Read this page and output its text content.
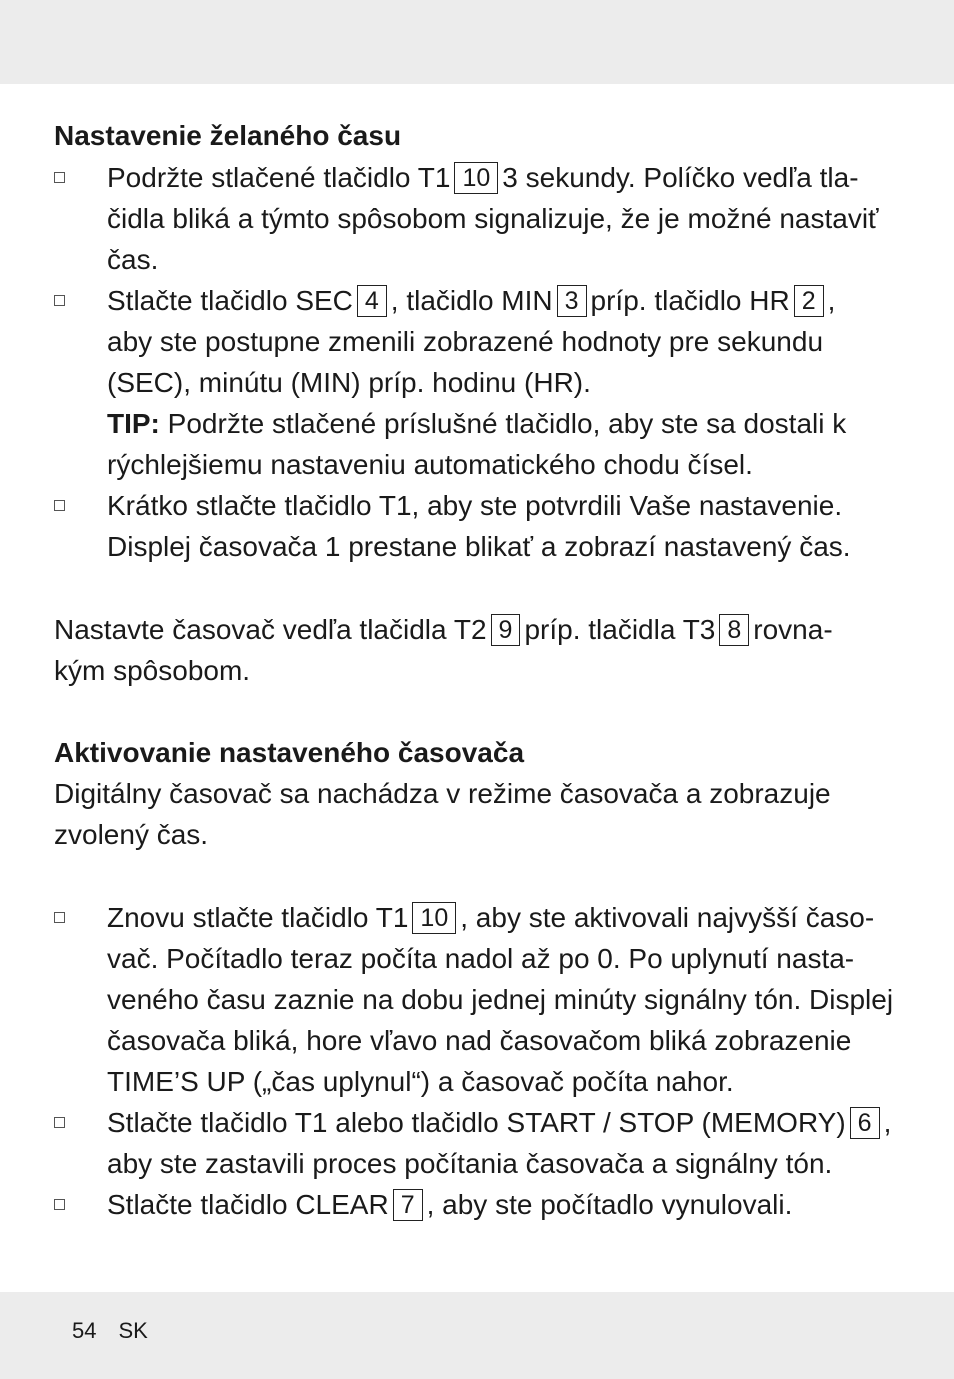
Nastavenie želaného času
Podržte stlačené tlačidlo T1 10 3 sekundy. Políčko vedľa tla-
čidla bliká a týmto spôsobom signalizuje, že je možné nastaviť
čas.
Stlačte tlačidlo SEC 4 , tlačidlo MIN 3 príp. tlačidlo HR 2 ,
aby ste postupne zmenili zobrazené hodnoty pre sekundu
(SEC), minútu (MIN) príp. hodinu (HR).
TIP: Podržte stlačené príslušné tlačidlo, aby ste sa dostali k
rýchlejšiemu nastaveniu automatického chodu čísel.
Krátko stlačte tlačidlo T1, aby ste potvrdili Vaše nastavenie.
Displej časovača 1 prestane blikať a zobrazí nastavený čas.
Nastavte časovač vedľa tlačidla T2 9 príp. tlačidla T3 8 rovna-
kým spôsobom.
Aktivovanie nastaveného časovača
Digitálny časovač sa nachádza v režime časovača a zobrazuje
zvolený čas.
Znovu stlačte tlačidlo T1 10 , aby ste aktivovali najvyšší časo-
vač. Počítadlo teraz počíta nadol až po 0. Po uplynutí nasta-
veného času zaznie na dobu jednej minúty signálny tón. Displej
časovača bliká, hore vľavo nad časovačom bliká zobrazenie
TIME’S UP („čas uplynul“) a časovač počíta nahor.
Stlačte tlačidlo T1 alebo tlačidlo START / STOP (MEMORY) 6 ,
aby ste zastavili proces počítania časovača a signálny tón.
Stlačte tlačidlo CLEAR 7 , aby ste počítadlo vynulovali.
54 SK
